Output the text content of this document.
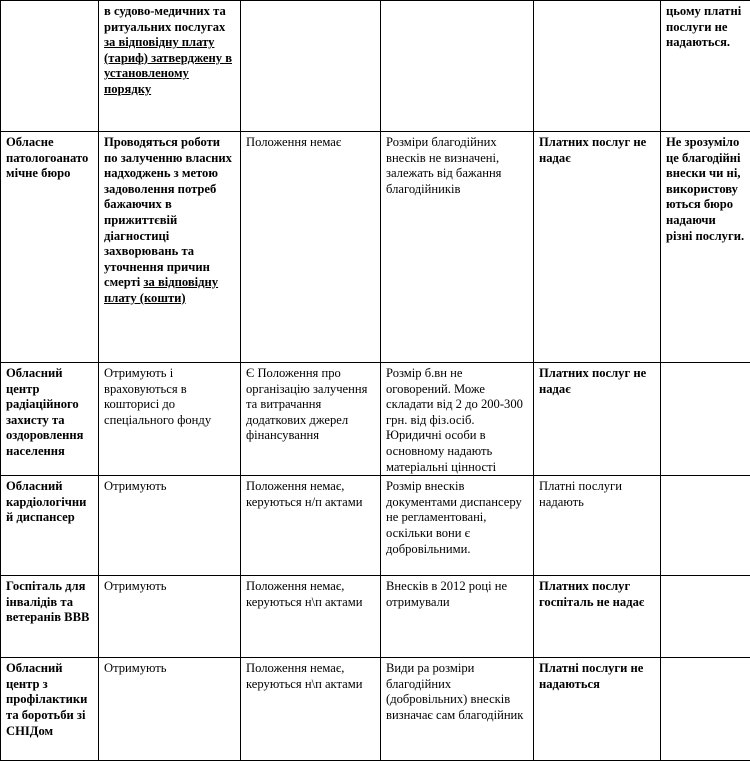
	в судово-медичних та ритуальних послугах за відповідну плату (тариф) затверджену в установленому порядку				цьому платні послуги не надаються.
Обласне патологоанатомічне бюро	Проводяться роботи по залученню власних надходжень з метою задоволення потреб бажаючих в прижиттєвій діагностиці захворювань та уточнення причин смерті за відповідну плату (кошти)	Положення немає	Розміри благодійних внесків не визначені, залежать від бажання благодійників	Платних послуг не надає	Не зрозуміло це благодійні внески чи ні, використовуються бюро надаючи різні послуги.
Обласний центр радіаційного захисту та оздоровлення населення	Отримують і враховуються в кошторисі до спеціального фонду	Є Положення про організацію залучення та витрачання додаткових джерел фінансування	Розмір б.вн не оговорений. Може складати від 2 до 200-300 грн. від фіз.осіб. Юридичні особи в основному надають матеріальні цінності	Платних послуг не надає	
Обласний кардіологічний диспансер	Отримують	Положення немає, керуються н/п актами	Розмір внесків документами диспансеру не регламентовані, оскільки вони є добровільними.	Платні послуги надають	
Госпіталь для інвалідів та ветеранів ВВВ	Отримують	Положення немає, керуються н\п актами	Внесків в 2012 році не отримували	Платних послуг госпіталь не надає	
Обласний центр з профілактики та боротьби зі СНІДом	Отримують	Положення немає, керуються н\п актами	Види ра розміри благодійних (добровільних) внесків визначає сам благодійник	Платні послуги не надаються	
